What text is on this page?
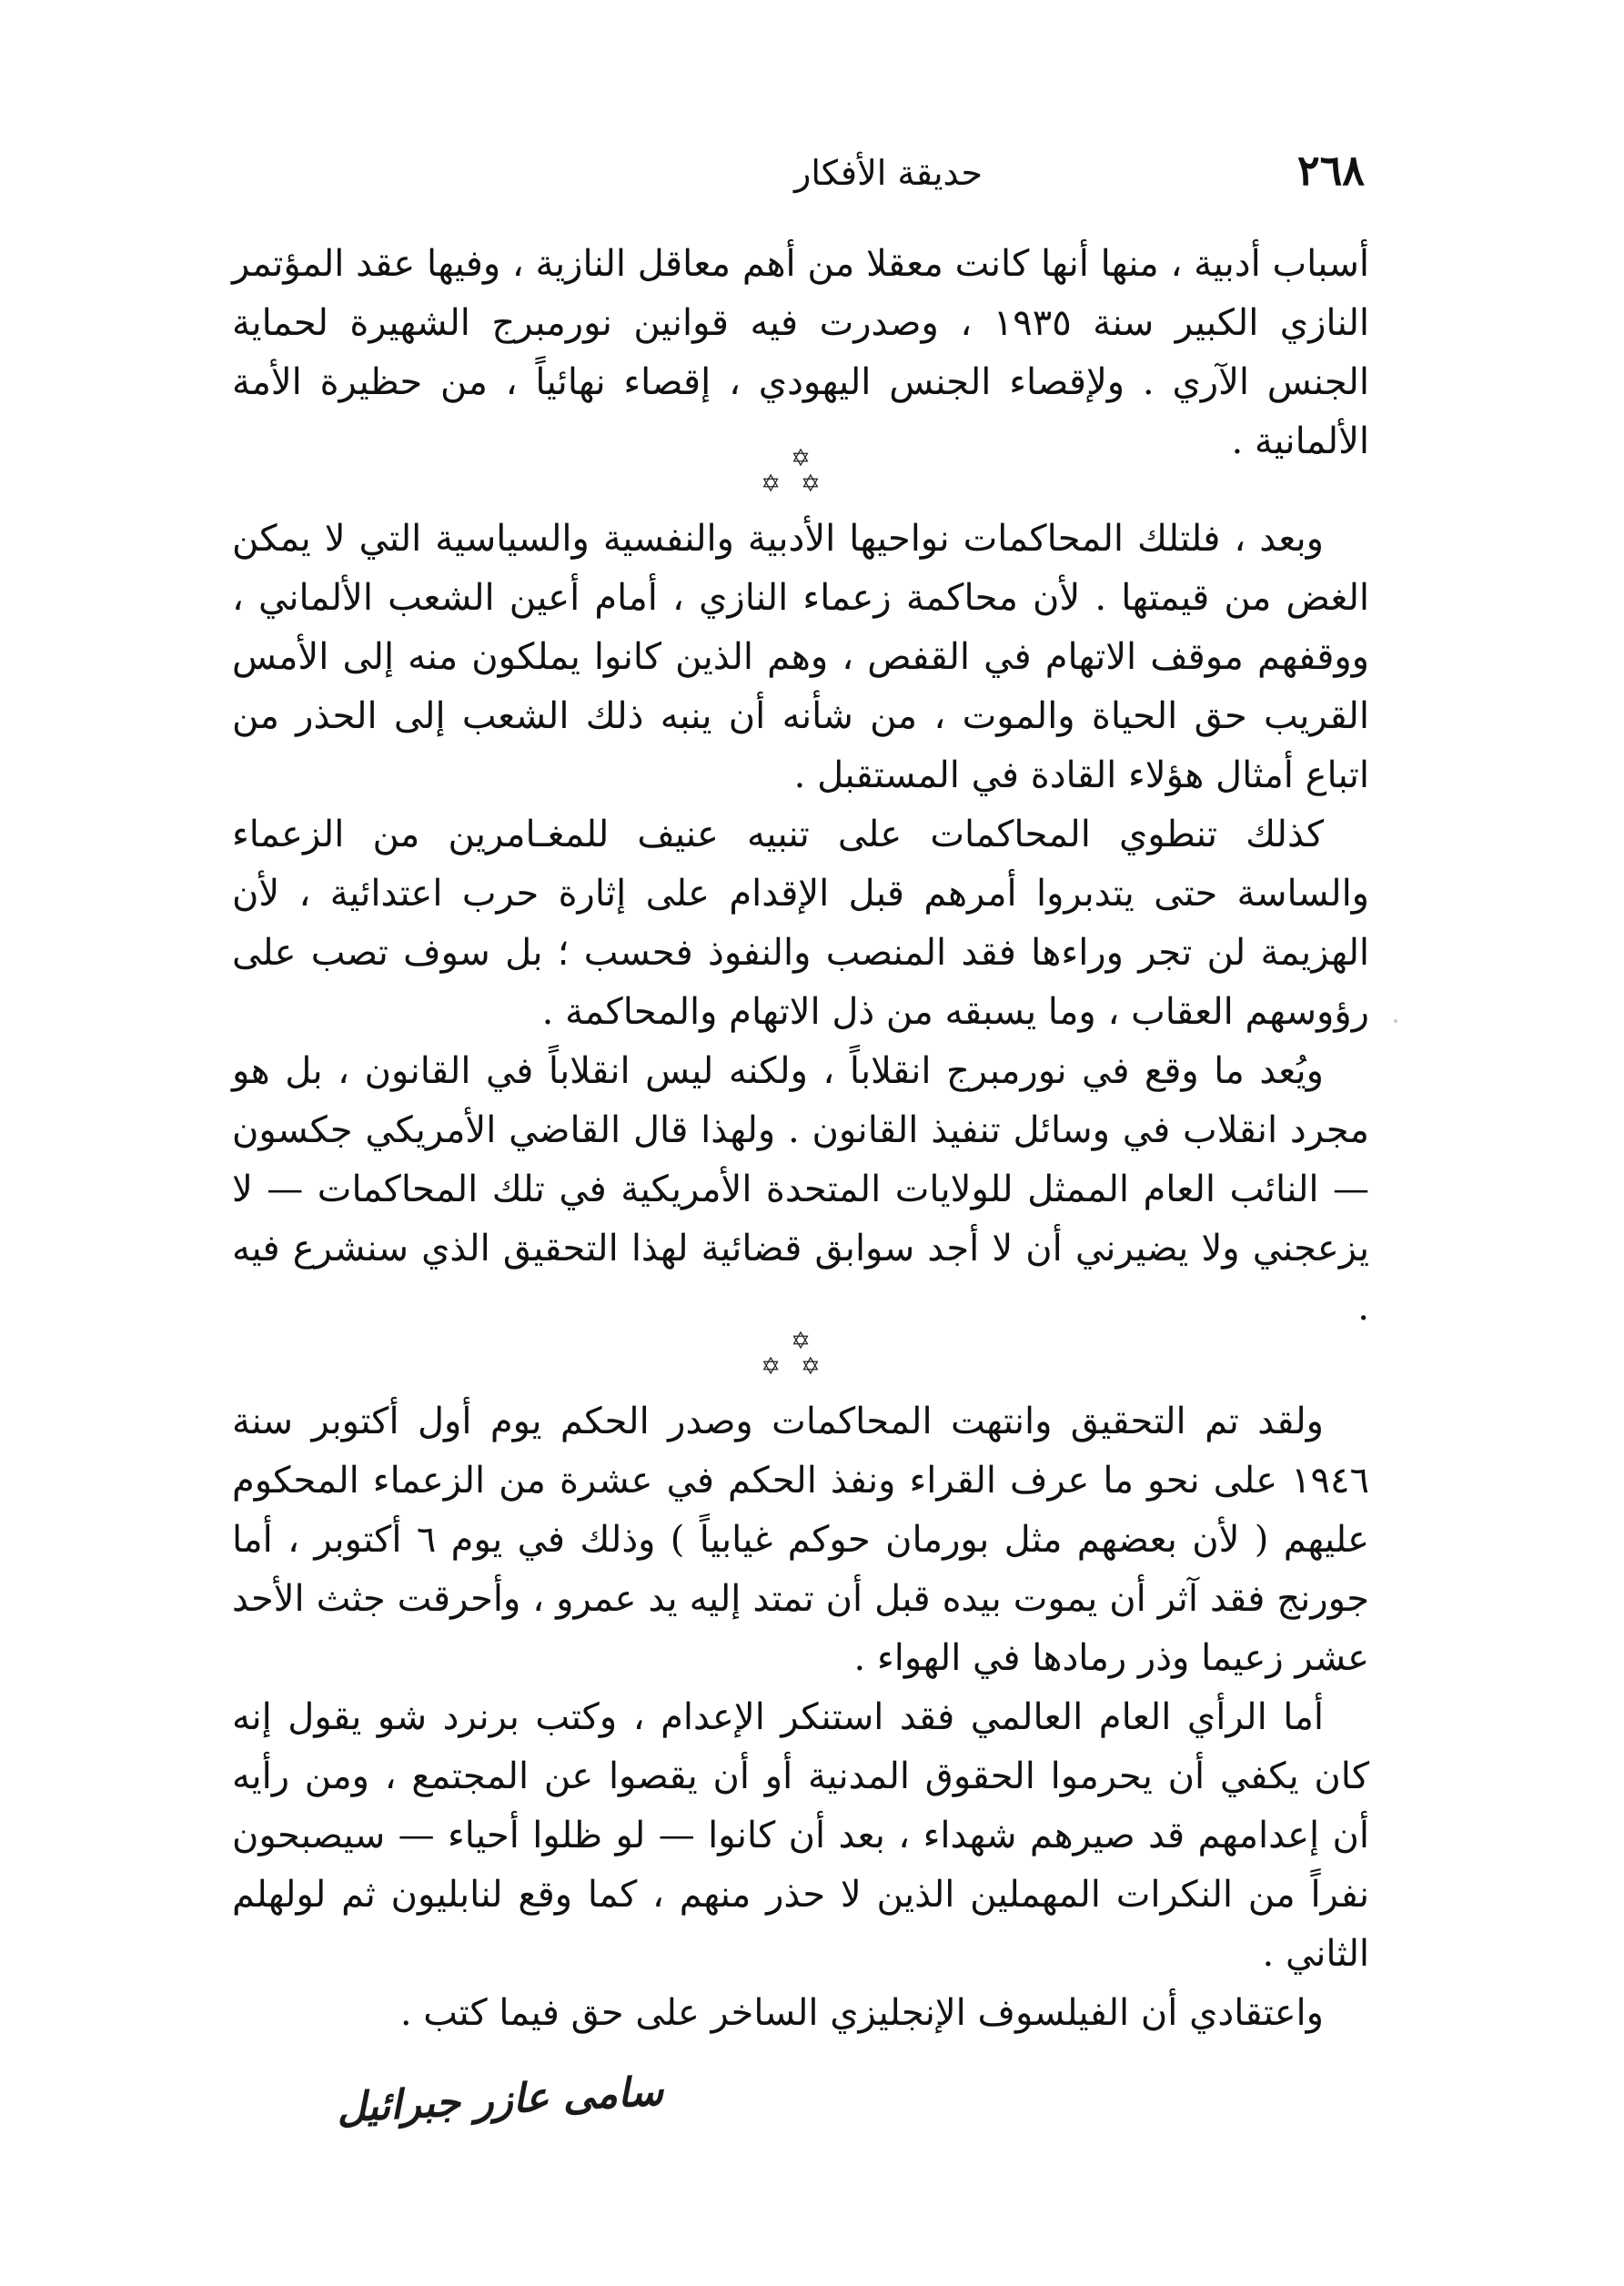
٢٦٨
حديقة الأفكار

أسباب أدبية ، منها أنها كانت معقلا من أهم معاقل النازية ، وفيها عقد المؤتمر النازي الكبير سنة ١٩٣٥ ، وصدرت فيه قوانين نورمبرج الشهيرة لحماية الجنس الآري . ولإقصاء الجنس اليهودي ، إقصاء نهائياً ، من حظيرة الأمة الألمانية .

✡
✡✡

وبعد ، فلتلك المحاكمات نواحيها الأدبية والنفسية والسياسية التي لا يمكن الغض من قيمتها . لأن محاكمة زعماء النازي ، أمام أعين الشعب الألماني ، ووقفهم موقف الاتهام في القفص ، وهم الذين كانوا يملكون منه إلى الأمس القريب حق الحياة والموت ، من شأنه أن ينبه ذلك الشعب إلى الحذر من اتباع أمثال هؤلاء القادة في المستقبل .

كذلك تنطوي المحاكمات على تنبيه عنيف للمغـامرين من الزعماء والساسة حتى يتدبروا أمرهم قبل الإقدام على إثارة حرب اعتدائية ، لأن الهزيمة لن تجر وراءها فقد المنصب والنفوذ فحسب ؛ بل سوف تصب على رؤوسهم العقاب ، وما يسبقه من ذل الاتهام والمحاكمة .

ويُعد ما وقع في نورمبرج انقلاباً ، ولكنه ليس انقلاباً في القانون ، بل هو مجرد انقلاب في وسائل تنفيذ القانون . ولهذا قال القاضي الأمريكي جكسون — النائب العام الممثل للولايات المتحدة الأمريكية في تلك المحاكمات — لا يزعجني ولا يضيرني أن لا أجد سوابق قضائية لهذا التحقيق الذي سنشرع فيه .

✡
✡✡

ولقد تم التحقيق وانتهت المحاكمات وصدر الحكم يوم أول أكتوبر سنة ١٩٤٦ على نحو ما عرف القراء ونفذ الحكم في عشرة من الزعماء المحكوم عليهم ( لأن بعضهم مثل بورمان حوكم غيابياً ) وذلك في يوم ٦ أكتوبر ، أما جورنج فقد آثر أن يموت بيده قبل أن تمتد إليه يد عمرو ، وأحرقت جثث الأحد عشر زعيما وذر رمادها في الهواء .

أما الرأي العام العالمي فقد استنكر الإعدام ، وكتب برنرد شو يقول إنه كان يكفي أن يحرموا الحقوق المدنية أو أن يقصوا عن المجتمع ، ومن رأيه أن إعدامهم قد صيرهم شهداء ، بعد أن كانوا — لو ظلوا أحياء — سيصبحون نفراً من النكرات المهملين الذين لا حذر منهم ، كما وقع لنابليون ثم لولهلم الثاني .

واعتقادي أن الفيلسوف الإنجليزي الساخر على حق فيما كتب .

سامى عازر جبرائيل
